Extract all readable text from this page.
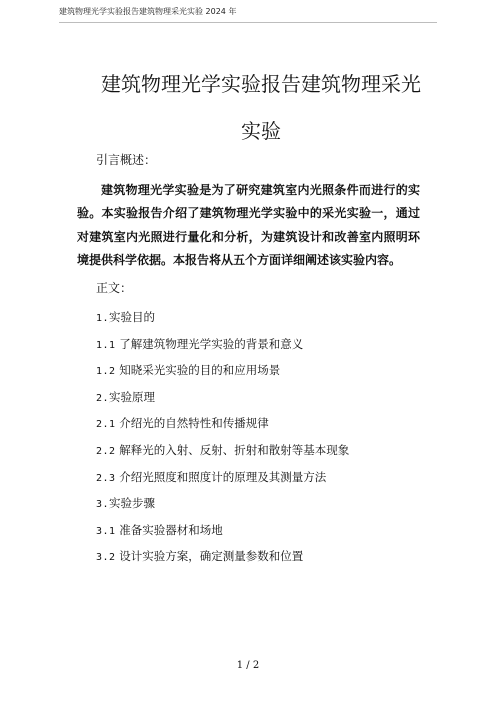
建筑物理光学实验报告建筑物理采光实验 2024 年
建筑物理光学实验报告建筑物理采光实验
引言概述：
建筑物理光学实验是为了研究建筑室内光照条件而进行的实验。本实验报告介绍了建筑物理光学实验中的采光实验一，通过对建筑室内光照进行量化和分析，为建筑设计和改善室内照明环境提供科学依据。本报告将从五个方面详细阐述该实验内容。
正文：
1.实验目的
1.1 了解建筑物理光学实验的背景和意义
1.2 知晓采光实验的目的和应用场景
2.实验原理
2.1 介绍光的自然特性和传播规律
2.2 解释光的入射、反射、折射和散射等基本现象
2.3 介绍光照度和照度计的原理及其测量方法
3.实验步骤
3.1 准备实验器材和场地
3.2 设计实验方案，确定测量参数和位置
1 / 2
